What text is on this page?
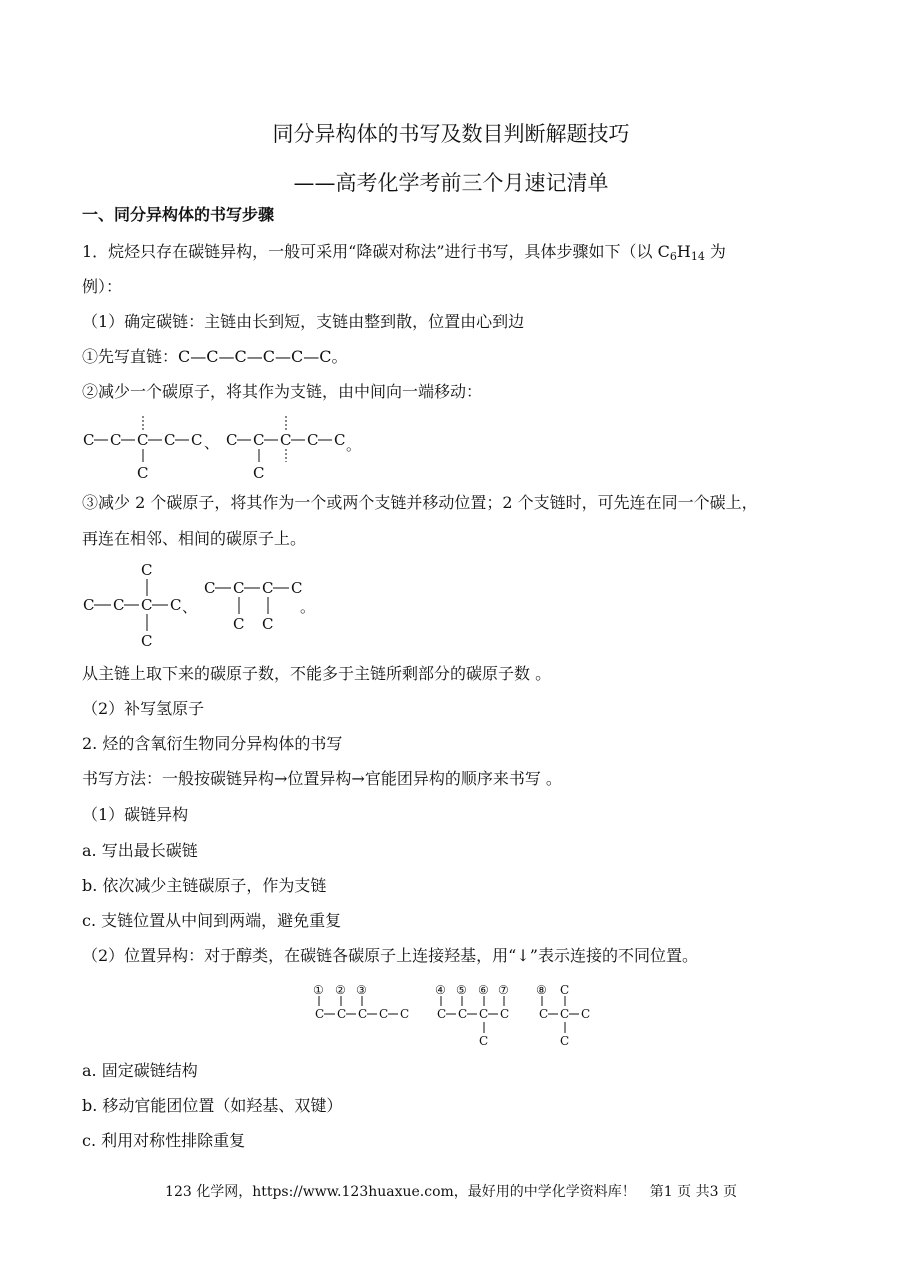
同分异构体的书写及数目判断解题技巧
——高考化学考前三个月速记清单
一、同分异构体的书写步骤
1．烷烃只存在碳链异构，一般可采用“降碳对称法”进行书写，具体步骤如下（以 $C_6H_{14}$ 为
例）：
（1）确定碳链：主链由长到短，支链由整到散，位置由心到边
①先写直链：C—C—C—C—C—C。
②减少一个碳原子，将其作为支链，由中间向一端移动：
③减少 2 个碳原子，将其作为一个或两个支链并移动位置；2 个支链时，可先连在同一个碳上，
再连在相邻、相间的碳原子上。
从主链上取下来的碳原子数，不能多于主链所剩部分的碳原子数 。
（2）补写氢原子
2. 烃的含氧衍生物同分异构体的书写
书写方法：一般按碳链异构→位置异构→官能团异构的顺序来书写 。
（1）碳链异构
a. 写出最长碳链
b. 依次减少主链碳原子，作为支链
c. 支链位置从中间到两端，避免重复
（2）位置异构：对于醇类，在碳链各碳原子上连接羟基，用“↓”表示连接的不同位置。
a. 固定碳链结构
b. 移动官能团位置（如羟基、双键）
c. 利用对称性排除重复
C C C C C
C
、 C C C C C
C
。
C
C C C C
C
、
C C C C
C C
。
① ② ③
C C C C C
④ ⑤ ⑥ ⑦
C C C C
C
⑧ C
C C C
C
123 化学网，https://www.123huaxue.com，最好用的中学化学资料库！　第1 页 共3 页
